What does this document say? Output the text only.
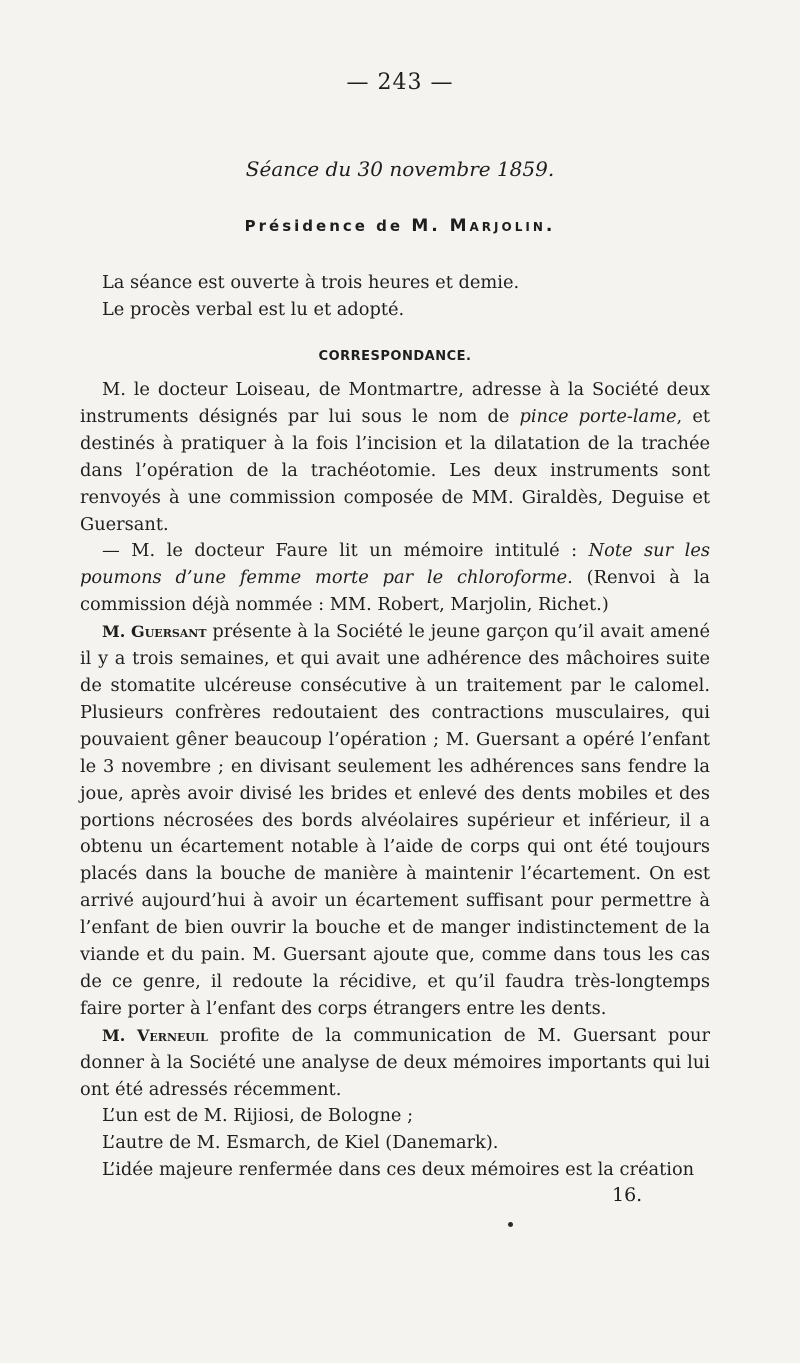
— 243 —
Séance du 30 novembre 1859.
Présidence de M. Marjolin.

La séance est ouverte à trois heures et demie.

Le procès verbal est lu et adopté.

CORRESPONDANCE.

M. le docteur Loiseau, de Montmartre, adresse à la Société deux instruments désignés par lui sous le nom de pince porte-lame, et destinés à pratiquer à la fois l’incision et la dilatation de la trachée dans l’opération de la trachéotomie. Les deux instruments sont renvoyés à une commission composée de MM. Giraldès, Deguise et Guersant.

— M. le docteur Faure lit un mémoire intitulé : Note sur les poumons d’une femme morte par le chloroforme. (Renvoi à la commission déjà nommée : MM. Robert, Marjolin, Richet.)

M. Guersant présente à la Société le jeune garçon qu’il avait amené il y a trois semaines, et qui avait une adhérence des mâchoires suite de stomatite ulcéreuse consécutive à un traitement par le calomel. Plusieurs confrères redoutaient des contractions musculaires, qui pouvaient gêner beaucoup l’opération ; M. Guersant a opéré l’enfant le 3 novembre ; en divisant seulement les adhérences sans fendre la joue, après avoir divisé les brides et enlevé des dents mobiles et des portions nécrosées des bords alvéolaires supérieur et inférieur, il a obtenu un écartement notable à l’aide de corps qui ont été toujours placés dans la bouche de manière à maintenir l’écartement. On est arrivé aujourd’hui à avoir un écartement suffisant pour permettre à l’enfant de bien ouvrir la bouche et de manger indistinctement de la viande et du pain. M. Guersant ajoute que, comme dans tous les cas de ce genre, il redoute la récidive, et qu’il faudra très-longtemps faire porter à l’enfant des corps étrangers entre les dents.

M. Verneuil profite de la communication de M. Guersant pour donner à la Société une analyse de deux mémoires importants qui lui ont été adressés récemment.

L’un est de M. Rijiosi, de Bologne ;

L’autre de M. Esmarch, de Kiel (Danemark).

L’idée majeure renfermée dans ces deux mémoires est la création

16.
